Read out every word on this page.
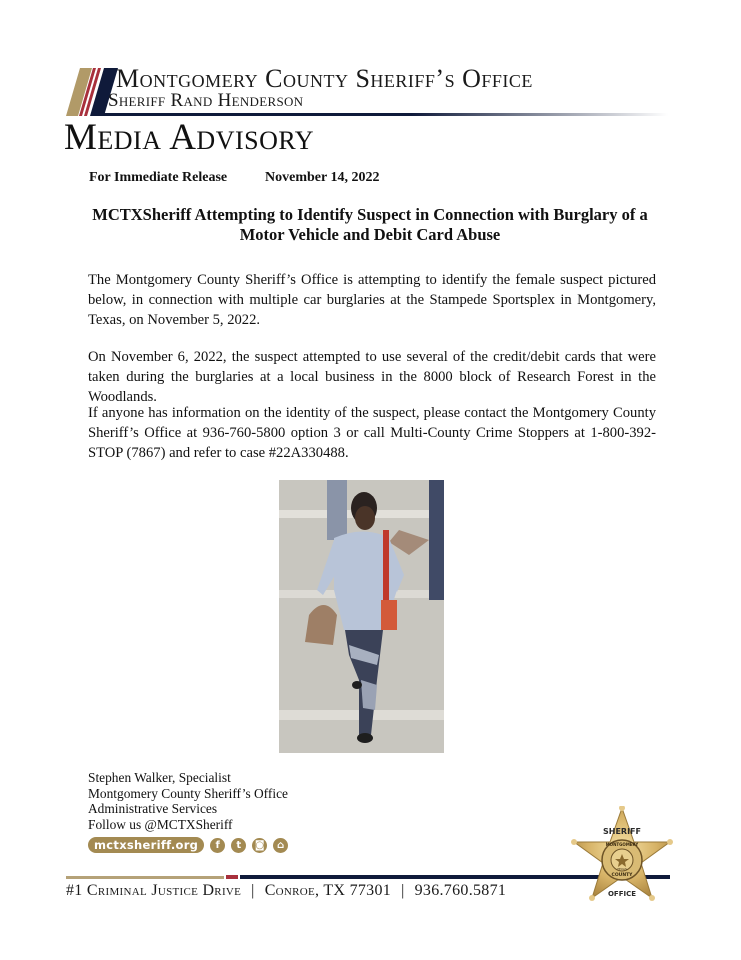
Montgomery County Sheriff’s Office
Sheriff Rand Henderson
Media Advisory
For Immediate Release	November 14, 2022
MCTXSheriff Attempting to Identify Suspect in Connection with Burglary of a Motor Vehicle and Debit Card Abuse
The Montgomery County Sheriff’s Office is attempting to identify the female suspect pictured below, in connection with multiple car burglaries at the Stampede Sportsplex in Montgomery, Texas, on November 5, 2022.
On November 6, 2022, the suspect attempted to use several of the credit/debit cards that were taken during the burglaries at a local business in the 8000 block of Research Forest in the Woodlands.
If anyone has information on the identity of the suspect, please contact the Montgomery County Sheriff’s Office at 936-760-5800 option 3 or call Multi-County Crime Stoppers at 1-800-392-STOP (7867) and refer to case #22A330488.
Stephen Walker, Specialist
Montgomery County Sheriff’s Office
Administrative Services
Follow us @MCTXSheriff
mctxsheriff.org f t ◙ ⌂
#1 Criminal Justice Drive | Conroe, TX 77301 | 936.760.5871
SHERIFF
MONTGOMERY
COUNTY
TEXAS
OFFICE
